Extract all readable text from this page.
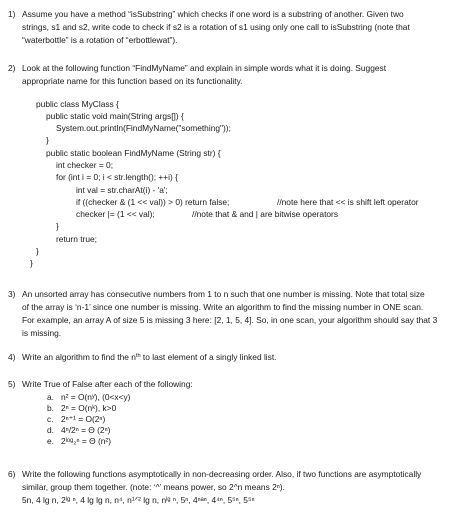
1) Assume you have a method “isSubstring” which checks if one word is a substring of another. Given two
strings, s1 and s2, write code to check if s2 is a rotation of s1 using only one call to isSubstring (note that
“waterbottle” is a rotation of “erbottlewat”).
2) Look at the following function “FindMyName” and explain in simple words what it is doing. Suggest
appropriate name for this function based on its functionality.
public class MyClass {
public static void main(String args[]) {
System.out.println(FindMyName("something"));
}
public static boolean FindMyName (String str) {
int checker = 0;
for (int i = 0; i < str.length(); ++i) {
int val = str.charAt(i) - 'a';
if ((checker & (1 << val)) > 0) return false;	//note here that << is shift left operator
checker |= (1 << val);	//note that & and | are bitwise operators
}
return true;
}
}
3) An unsorted array has consecutive numbers from 1 to n such that one number is missing. Note that total size
of the array is ‘n-1’ since one number is missing. Write an algorithm to find the missing number in ONE scan.
For example, an array A of size 5 is missing 3 here: [2, 1, 5, 4]. So, in one scan, your algorithm should say that 3
is missing.
4) Write an algorithm to find the $n^{th}$ to last element of a singly linked list.
5) Write True of False after each of the following:
a. n² = O(nʸ), (0<x<y)
b. 2ⁿ = O(nᵏ), k>0
c. 2ⁿ⁺¹ = O(2ⁿ)
d. 4ⁿ/2ⁿ = Θ (2ⁿ)
e. 2ˡᵒᵍ₂ⁿ = Θ (n²)
6) Write the following functions asymptotically in non-decreasing order. Also, if two functions are asymptotically
similar, group them together. (note: ‘^’ means power, so 2^n means 2ⁿ).
5n, 4 lg n, 2ˡᵍ ⁿ, 4 lg lg n, n⁴, n¹ᐟ² lg n, nˡᵍ ⁿ, 5ⁿ, 4ⁿᵃⁿ, 4⁴ⁿ, 5⁵ⁿ, 5⁵ⁿ
